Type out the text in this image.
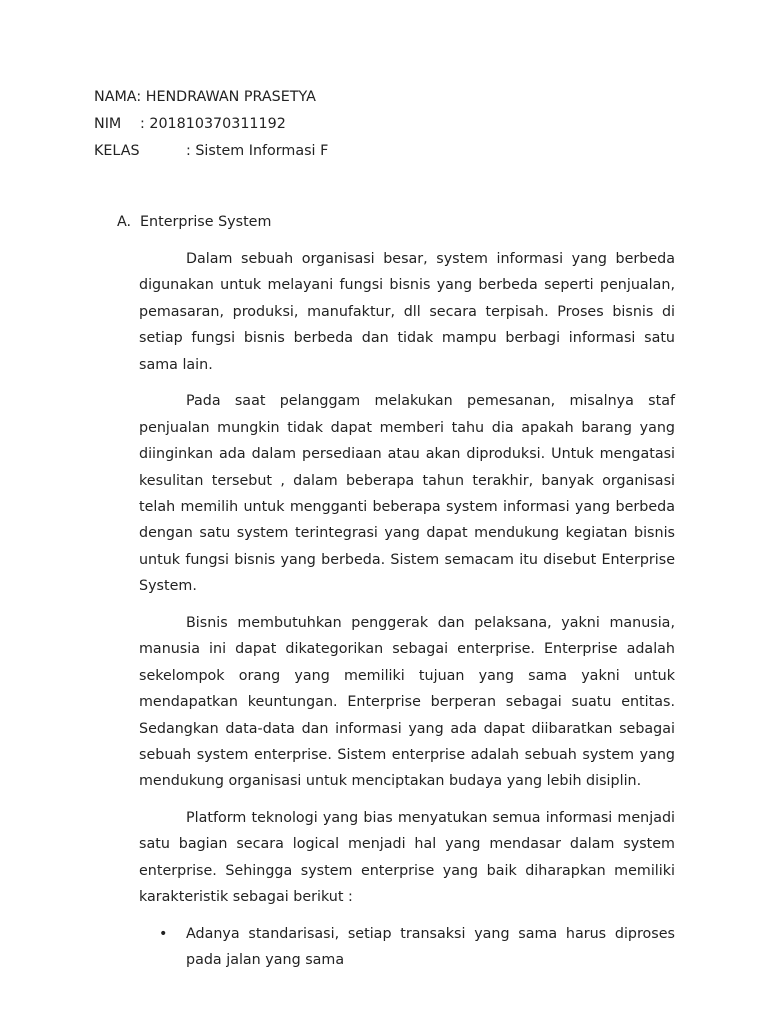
NAMA: HENDRAWAN PRASETYA
NIM : 201810370311192
KELAS	: Sistem Informasi F
A. Enterprise System

Dalam sebuah organisasi besar, system informasi yang berbeda digunakan untuk melayani fungsi bisnis yang berbeda seperti penjualan, pemasaran, produksi, manufaktur, dll secara terpisah. Proses bisnis di setiap fungsi bisnis berbeda dan tidak mampu berbagi informasi satu sama lain.

Pada saat pelanggam melakukan pemesanan, misalnya staf penjualan mungkin tidak dapat memberi tahu dia apakah barang yang diinginkan ada dalam persediaan atau akan diproduksi. Untuk mengatasi kesulitan tersebut , dalam beberapa tahun terakhir, banyak organisasi telah memilih untuk mengganti beberapa system informasi yang berbeda dengan satu system terintegrasi yang dapat mendukung kegiatan bisnis untuk fungsi bisnis yang berbeda. Sistem semacam itu disebut Enterprise System.

Bisnis membutuhkan penggerak dan pelaksana, yakni manusia, manusia ini dapat dikategorikan sebagai enterprise. Enterprise adalah sekelompok orang yang memiliki tujuan yang sama yakni untuk mendapatkan keuntungan. Enterprise berperan sebagai suatu entitas. Sedangkan data-data dan informasi yang ada dapat diibaratkan sebagai sebuah system enterprise. Sistem enterprise adalah sebuah system yang mendukung organisasi untuk menciptakan budaya yang lebih disiplin.

Platform teknologi yang bias menyatukan semua informasi menjadi satu bagian secara logical menjadi hal yang mendasar dalam system enterprise. Sehingga system enterprise yang baik diharapkan memiliki karakteristik sebagai berikut :

• Adanya standarisasi, setiap transaksi yang sama harus diproses pada jalan yang sama
